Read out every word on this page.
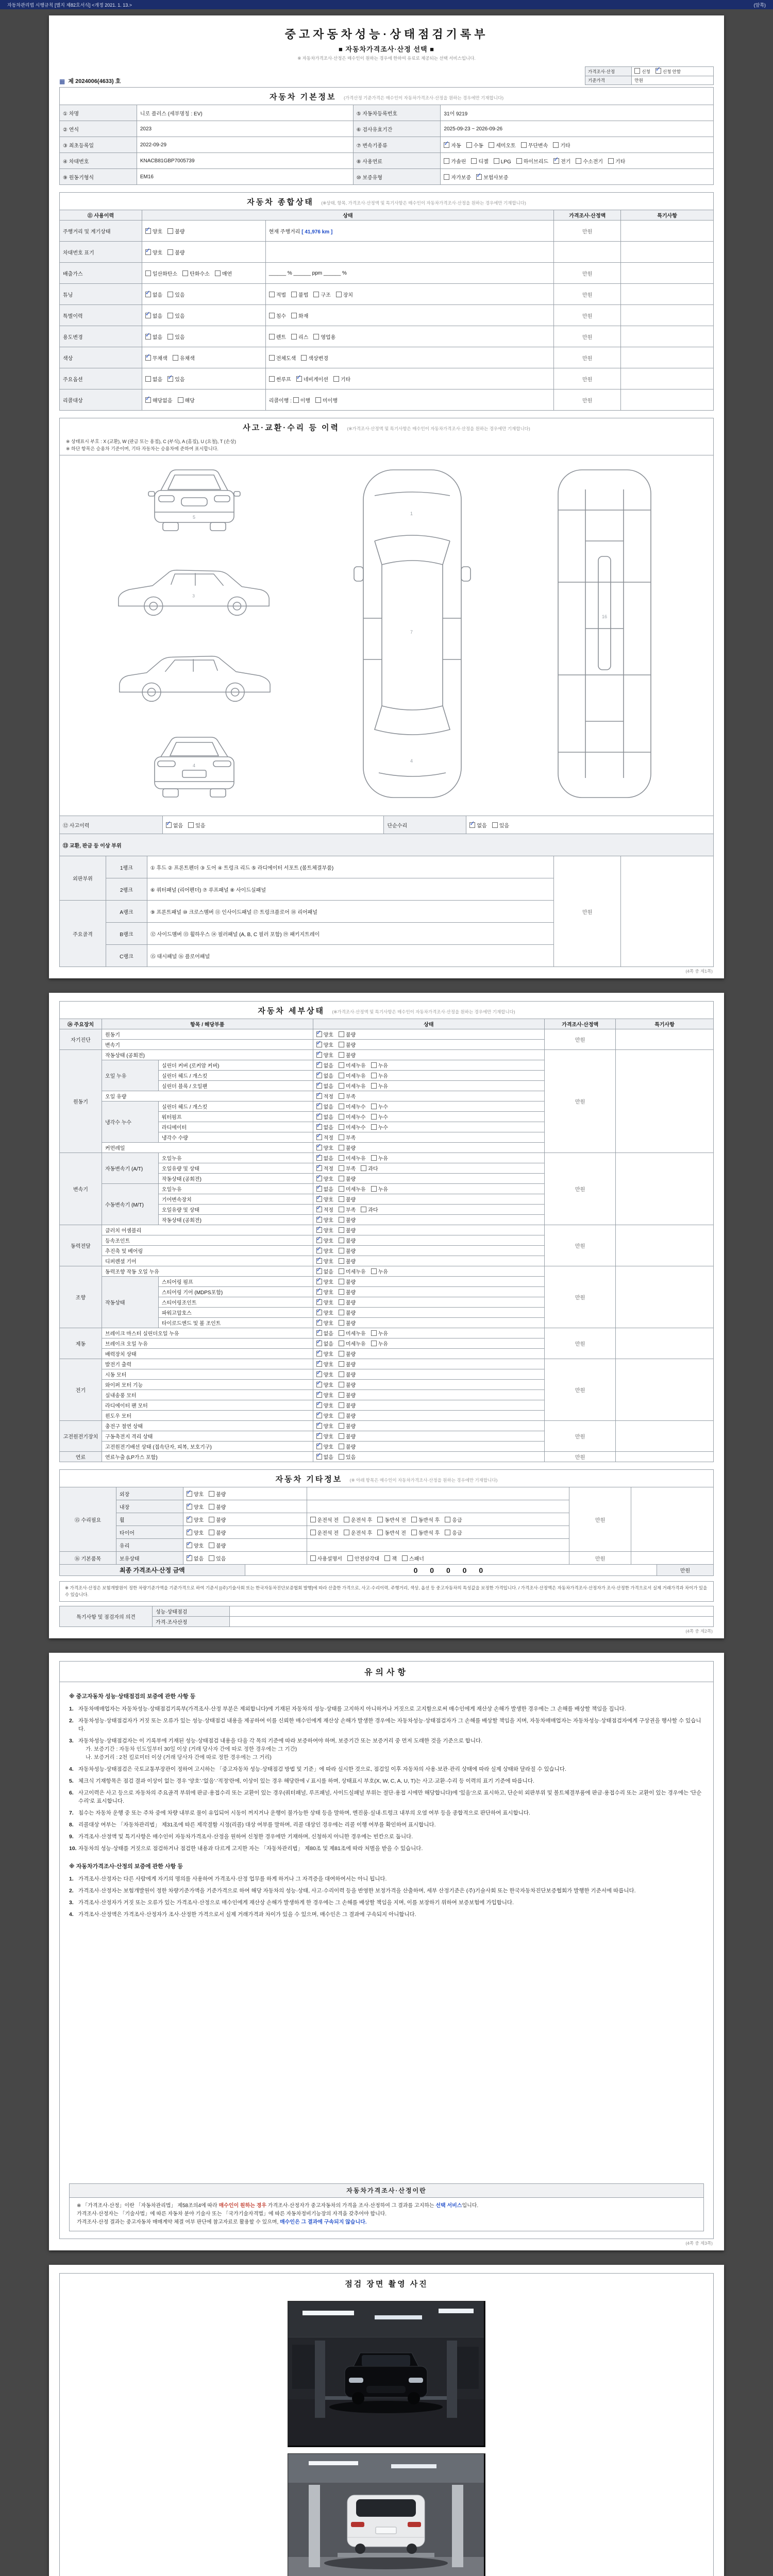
자동차관리법 시행규칙 [별지 제82호서식] <개정 2021. 1. 13.>	(앞쪽)
중고자동차성능·상태점검기록부
■ 자동차가격조사·산정 선택 ■
※ 자동차가격조사·산정은 매수인이 원하는 경우에 한하여 유료로 제공되는 선택 서비스입니다.
▦ 제 2024006(4633) 호
가격조사·산정	신청 ✓ 신청 안함
기준가격	만원
자동차 기본정보 (가격산정 기준가격은 매수인이 자동차가격조사·산정을 원하는 경우에만 기재합니다)
① 차명	니로 플러스 (세부명칭 : EV)	⑤ 자동차등록번호	31어 9219
② 연식	2023	⑥ 검사유효기간	2025-09-23 ~ 2026-09-26
③ 최초등록일	2022-09-29	⑦ 변속기종류	✓자동 수동 세미오토 무단변속 기타
④ 차대번호	KNACB81GBP7005739	⑧ 사용연료	가솔린 디젤 LPG 하이브리드 ✓ 전기 수소전기 기타
⑨ 원동기형식	EM16	⑩ 보증유형	자가보증 ✓ 보험사보증
자동차 종합상태 (※상태, 항목, 가격조사·산정액 및 특기사항은 매수인이 자동차가격조사·산정을 원하는 경우에만 기재합니다)
⑪ 사용이력	상태		가격조사·산정액	특기사항
주행거리 및 계기상태	✓양호 불량	현재 주행거리 [ 41,976 km ]	만원	
차대번호 표기	✓양호 불량			
배출가스	일산화탄소 탄화수소 매연	______ % ______ ppm ______ %	만원	
튜닝	✓없음 있음	적법 불법 구조 장치	만원	
특별이력	✓없음 있음	침수 화재	만원	
용도변경	✓없음 있음	렌트 리스 영업용	만원	
색상	✓무채색 유채색	전체도색 색상변경	만원	
주요옵션	없음 ✓ 있음	썬루프 ✓ 네비게이션 기타	만원	
리콜대상	✓해당없음 해당	리콜이행 : 이행 미이행	만원	
사고·교환·수리 등 이력 (※가격조사·산정액 및 특기사항은 매수인이 자동차가격조사·산정을 원하는 경우에만 기재합니다)
※ 상태표시 부호 : X (교환), W (판금 또는 용접), C (부식), A (흠집), U (요철), T (손상)
※ 하단 항목은 승용차 기준이며, 기타 자동차는 승용차에 준하여 표시합니다.
5
3
4
1
7
4
16
⑫ 사고이력	✓없음 있음	단순수리	✓없음 있음
⑬ 교환, 판금 등 이상 부위				
외판부위	1랭크	① 후드 ② 프론트펜더 ③ 도어 ④ 트렁크 리드 ⑤ 라디에이터 서포트 (볼트체결부품)	만원	
	2랭크	⑥ 쿼터패널 (리어펜더) ⑦ 루프패널 ⑧ 사이드실패널		
주요골격	A랭크	⑨ 프론트패널 ⑩ 크로스멤버 ⑪ 인사이드패널 ⑰ 트렁크플로어 ⑱ 리어패널		
	B랭크	⑫ 사이드멤버 ⑬ 휠하우스 ⑭ 필러패널 (A, B, C 필러 포함) ⑲ 패키지트레이		
	C랭크	⑮ 대시패널 ⑯ 플로어패널		
(4쪽 중 제1쪽)
자동차 세부상태 (※가격조사·산정액 및 특기사항은 매수인이 자동차가격조사·산정을 원하는 경우에만 기재합니다)
⑭ 주요장치	항목 / 해당부품		상태	가격조사·산정액	특기사항
자기진단	원동기	✓양호 불량	만원	
	변속기	✓양호 불량
원동기	작동상태 (공회전)	✓양호 불량	만원	
	오일 누유	실린더 커버 (로커암 커버)	✓없음 미세누유 누유
		실린더 헤드 / 개스킷	✓없음 미세누유 누유
		실린더 블록 / 오일팬	✓없음 미세누유 누유
	오일 유량	✓적정 부족
	냉각수 누수	실린더 헤드 / 개스킷	✓없음 미세누수 누수
		워터펌프	✓없음 미세누수 누수
		라디에이터	✓없음 미세누수 누수
		냉각수 수량	✓적정 부족
	커먼레일	✓양호 불량
변속기	자동변속기 (A/T)	오일누유	✓없음 미세누유 누유	만원	
		오일유량 및 상태	✓적정 부족 과다
		작동상태 (공회전)	✓양호 불량
	수동변속기 (M/T)	오일누유	✓없음 미세누유 누유
		기어변속장치	✓양호 불량
		오일유량 및 상태	✓적정 부족 과다
		작동상태 (공회전)	✓양호 불량
동력전달	클러치 어셈블리	✓양호 불량	만원	
	등속조인트	✓양호 불량
	추진축 및 베어링	✓양호 불량
	디퍼렌셜 기어	✓양호 불량
조향	동력조향 작동 오일 누유	✓없음 미세누유 누유	만원	
	작동상태	스티어링 펌프	✓양호 불량
		스티어링 기어 (MDPS포함)	✓양호 불량
		스티어링조인트	✓양호 불량
		파워고압호스	✓양호 불량
		타이로드엔드 및 볼 조인트	✓양호 불량
제동	브레이크 마스터 실린더오일 누유	✓없음 미세누유 누유	만원	
	브레이크 오일 누유	✓없음 미세누유 누유
	배력장치 상태	✓양호 불량
전기	발전기 출력	✓양호 불량	만원	
	시동 모터	✓양호 불량
	와이퍼 모터 기능	✓양호 불량
	실내송풍 모터	✓양호 불량
	라디에이터 팬 모터	✓양호 불량
	윈도우 모터	✓양호 불량
고전원전기장치	충전구 절연 상태	✓양호 불량	만원	
	구동축전지 격리 상태	✓양호 불량
	고전원전기배선 상태 (접속단자, 피복, 보호기구)	✓양호 불량
연료	연료누출 (LP가스 포함)	✓없음 있음	만원	
자동차 기타정보 (※ 아래 항목은 매수인이 자동차가격조사·산정을 원하는 경우에만 기재합니다)
⑮ 수리필요	외장	✓양호 불량		만원	
	내장	✓양호 불량	
	휠	✓양호 불량	운전석 전 운전석 후 동반석 전 동반석 후 응급		
	타이어	✓양호 불량	운전석 전 운전석 후 동반석 전 동반석 후 응급		
	유리	✓양호 불량	
⑯ 기본품목	보유상태	✓없음 있음	사용설명서 안전삼각대 잭 스패너	만원	
최종 가격조사·산정 금액	0 0 0 0 0	만원
※ 가격조사·산정은 보험개발원이 정한 차량기준가액을 기준가격으로 하여 기준서 [(주)기술사회 또는 한국자동차진단보증협회 발행]에 따라 산출한 가격으로, 사고·수리이력, 주행거리, 색상, 옵션 등 중고자동차의 특성값을 보정한 가격입니다. / 가격조사·산정액은 자동차가격조사·산정자가 조사·산정한 가격으로서 실제 거래가격과 차이가 있을 수 있습니다.
특기사항 및 점검자의 의견	성능·상태점검	
	가격·조사산정	
(4쪽 중 제2쪽)
유의사항
※ 중고자동차 성능·상태점검의 보증에 관한 사항 등
1. 자동차매매업자는 자동차성능·상태점검기록부(가격조사·산정 부분은 제외합니다)에 기재된 자동차의 성능·상태를 고지하지 아니하거나 거짓으로 고지함으로써 매수인에게 재산상 손해가 발생한 경우에는 그 손해를 배상할 책임을 집니다.
2. 자동차성능·상태점검자가 거짓 또는 오류가 있는 성능·상태점검 내용을 제공하여 이를 신뢰한 매수인에게 재산상 손해가 발생한 경우에는 자동차성능·상태점검자가 그 손해를 배상할 책임을 지며, 자동차매매업자는 자동차성능·상태점검자에게 구상권을 행사할 수 있습니다.
3. 자동차성능·상태점검자는 이 기록부에 기재된 성능·상태점검 내용을 다음 각 목의 기준에 따라 보증하여야 하며, 보증기간 또는 보증거리 중 먼저 도래한 것을 기준으로 합니다.
가. 보증기간 : 자동차 인도일부터 30일 이상 (거래 당사자 간에 따로 정한 경우에는 그 기간)
나. 보증거리 : 2천 킬로미터 이상 (거래 당사자 간에 따로 정한 경우에는 그 거리)
4. 자동차성능·상태점검은 국토교통부장관이 정하여 고시하는 「중고자동차 성능·상태점검 방법 및 기준」에 따라 실시한 것으로, 점검일 이후 자동차의 사용·보관·관리 상태에 따라 실제 상태와 달라질 수 있습니다.
5. 체크식 기재항목은 점검 결과 이상이 없는 경우 '양호'·'없음'·'적정'란에, 이상이 있는 경우 해당란에 √ 표시를 하며, 상태표시 부호(X, W, C, A, U, T)는 사고·교환·수리 등 이력의 표기 기준에 따릅니다.
6. 사고이력은 사고 등으로 자동차의 주요골격 부위에 판금·용접수리 또는 교환이 있는 경우(쿼터패널, 루프패널, 사이드실패널 부위는 절단·용접 시에만 해당합니다)에 '있음'으로 표시하고, 단순히 외판부위 및 볼트체결부품에 판금·용접수리 또는 교환이 있는 경우에는 '단순수리'로 표시합니다.
7. 침수는 자동차 운행 중 또는 주차 중에 차량 내부로 물이 유입되어 시동이 꺼지거나 운행이 불가능한 상태 등을 말하며, 엔진룸·실내·트렁크 내부의 오염 여부 등을 종합적으로 판단하여 표시합니다.
8. 리콜대상 여부는 「자동차관리법」 제31조에 따른 제작결함 시정(리콜) 대상 여부를 말하며, 리콜 대상인 경우에는 리콜 이행 여부를 확인하여 표시합니다.
9. 가격조사·산정액 및 특기사항은 매수인이 자동차가격조사·산정을 원하여 신청한 경우에만 기재하며, 신청하지 아니한 경우에는 빈칸으로 둡니다.
10. 자동차의 성능·상태를 거짓으로 점검하거나 점검한 내용과 다르게 고지한 자는 「자동차관리법」 제80조 및 제81조에 따라 처벌을 받을 수 있습니다.
※ 자동차가격조사·산정의 보증에 관한 사항 등
1. 가격조사·산정자는 다른 사람에게 자기의 명의를 사용하여 가격조사·산정 업무를 하게 하거나 그 자격증을 대여하여서는 아니 됩니다.
2. 가격조사·산정자는 보험개발원이 정한 차량기준가액을 기준가격으로 하여 해당 자동차의 성능·상태, 사고·수리이력 등을 반영한 보정가격을 산출하며, 세부 산정기준은 (주)기술사회 또는 한국자동차진단보증협회가 발행한 기준서에 따릅니다.
3. 가격조사·산정자가 거짓 또는 오류가 있는 가격조사·산정으로 매수인에게 재산상 손해가 발생하게 한 경우에는 그 손해를 배상할 책임을 지며, 이를 보장하기 위하여 보증보험에 가입합니다.
4. 가격조사·산정액은 가격조사·산정자가 조사·산정한 가격으로서 실제 거래가격과 차이가 있을 수 있으며, 매수인은 그 결과에 구속되지 아니합니다.
자동차가격조사·산정이란
※ 「가격조사·산정」이란 「자동차관리법」 제58조의4에 따라 매수인이 원하는 경우 가격조사·산정자가 중고자동차의 가격을 조사·산정하여 그 결과를 고지하는 선택 서비스입니다.
가격조사·산정자는 「기술사법」에 따른 자동차 분야 기술사 또는 「국가기술자격법」에 따른 자동차정비기능장의 자격을 갖추어야 합니다.
가격조사·산정 결과는 중고자동차 매매계약 체결 여부 판단에 참고자료로 활용할 수 있으며, 매수인은 그 결과에 구속되지 않습니다.
(4쪽 중 제3쪽)
점검 장면 촬영 사진
